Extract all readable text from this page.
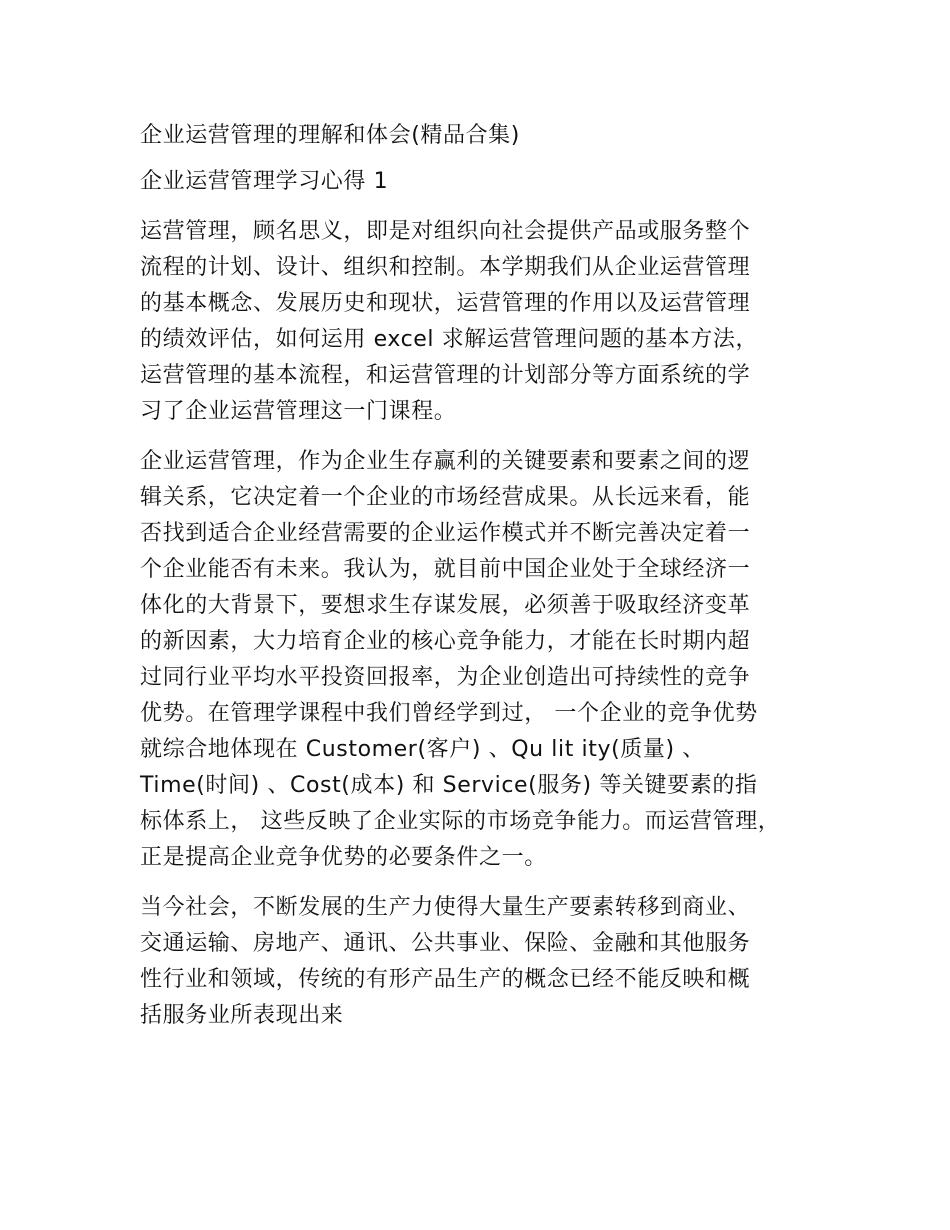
企业运营管理的理解和体会(精品合集)
企业运营管理学习心得 1
运营管理，顾名思义，即是对组织向社会提供产品或服务整个
流程的计划、设计、组织和控制。本学期我们从企业运营管理
的基本概念、发展历史和现状，运营管理的作用以及运营管理
的绩效评估，如何运用 excel 求解运营管理问题的基本方法，
运营管理的基本流程，和运营管理的计划部分等方面系统的学
习了企业运营管理这一门课程。
企业运营管理，作为企业生存赢利的关键要素和要素之间的逻
辑关系，它决定着一个企业的市场经营成果。从长远来看，能
否找到适合企业经营需要的企业运作模式并不断完善决定着一
个企业能否有未来。我认为，就目前中国企业处于全球经济一
体化的大背景下，要想求生存谋发展，必须善于吸取经济变革
的新因素，大力培育企业的核心竞争能力，才能在长时期内超
过同行业平均水平投资回报率，为企业创造出可持续性的竞争
优势。在管理学课程中我们曾经学到过， 一个企业的竞争优势
就综合地体现在 Customer(客户) 、Qu lit ity(质量) 、
Time(时间) 、Cost(成本) 和 Service(服务) 等关键要素的指
标体系上， 这些反映了企业实际的市场竞争能力。而运营管理，
正是提高企业竞争优势的必要条件之一。
当今社会，不断发展的生产力使得大量生产要素转移到商业、
交通运输、房地产、通讯、公共事业、保险、金融和其他服务
性行业和领域，传统的有形产品生产的概念已经不能反映和概
括服务业所表现出来
